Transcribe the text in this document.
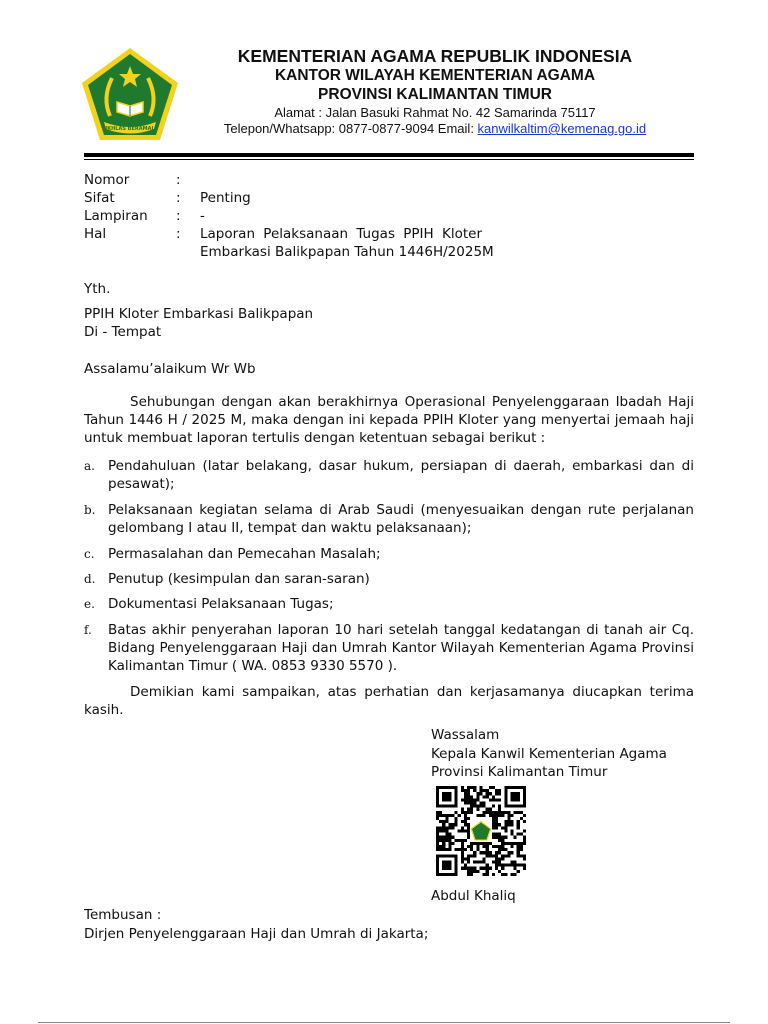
IKHLAS BERAMAL
KEMENTERIAN AGAMA REPUBLIK INDONESIA
KANTOR WILAYAH KEMENTERIAN AGAMA
PROVINSI KALIMANTAN TIMUR
Alamat : Jalan Basuki Rahmat No. 42 Samarinda 75117
Telepon/Whatsapp: 0877-0877-9094 Email: kanwilkaltim@kemenag.go.id
Nomor	:
Sifat	: Penting
Lampiran : -
Hal	: Laporan Pelaksanaan Tugas PPIH Kloter
Embarkasi Balikpapan Tahun 1446H/2025M
Yth.
PPIH Kloter Embarkasi Balikpapan
Di - Tempat
Assalamu’alaikum Wr Wb
Sehubungan dengan akan berakhirnya Operasional Penyelenggaraan Ibadah Haji
Tahun 1446 H / 2025 M, maka dengan ini kepada PPIH Kloter yang menyertai jemaah haji
untuk membuat laporan tertulis dengan ketentuan sebagai berikut :
a. Pendahuluan (latar belakang, dasar hukum, persiapan di daerah, embarkasi dan di
pesawat);
b. Pelaksanaan kegiatan selama di Arab Saudi (menyesuaikan dengan rute perjalanan
gelombang I atau II, tempat dan waktu pelaksanaan);
c. Permasalahan dan Pemecahan Masalah;
d. Penutup (kesimpulan dan saran-saran)
e. Dokumentasi Pelaksanaan Tugas;
f. Batas akhir penyerahan laporan 10 hari setelah tanggal kedatangan di tanah air Cq.
Bidang Penyelenggaraan Haji dan Umrah Kantor Wilayah Kementerian Agama Provinsi
Kalimantan Timur ( WA. 0853 9330 5570 ).
Demikian kami sampaikan, atas perhatian dan kerjasamanya diucapkan terima
kasih.
Wassalam
Kepala Kanwil Kementerian Agama
Provinsi Kalimantan Timur
Abdul Khaliq
Tembusan :
Dirjen Penyelenggaraan Haji dan Umrah di Jakarta;
